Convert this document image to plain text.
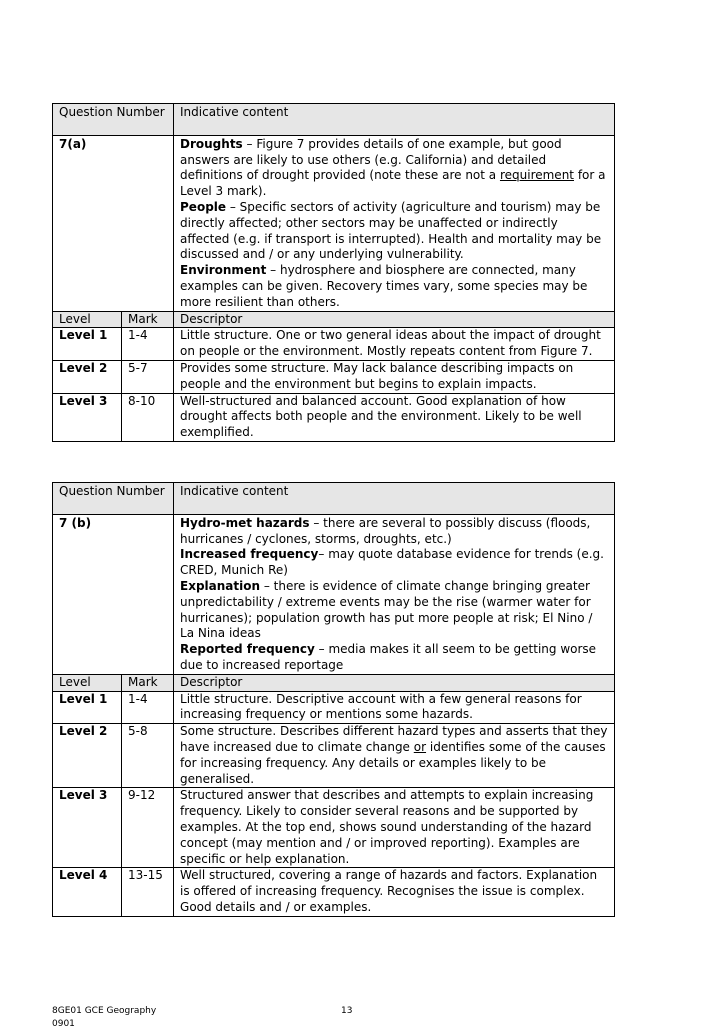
Question Number		Indicative content
7(a)		Droughts – Figure 7 provides details of one example, but good answers are likely to use others (e.g. California) and detailed definitions of drought provided (note these are not a requirement for a Level 3 mark).
People – Specific sectors of activity (agriculture and tourism) may be directly affected; other sectors may be unaffected or indirectly affected (e.g. if transport is interrupted). Health and mortality may be discussed and / or any underlying vulnerability.
Environment – hydrosphere and biosphere are connected, many examples can be given. Recovery times vary, some species may be more resilient than others.

Level	Mark	Descriptor
Level 1	1-4	Little structure. One or two general ideas about the impact of drought on people or the environment. Mostly repeats content from Figure 7.
Level 2	5-7	Provides some structure. May lack balance describing impacts on people and the environment but begins to explain impacts.
Level 3	8-10	Well-structured and balanced account. Good explanation of how drought affects both people and the environment. Likely to be well exemplified.
Question Number		Indicative content
7 (b)		Hydro-met hazards – there are several to possibly discuss (floods, hurricanes / cyclones, storms, droughts, etc.)
Increased frequency– may quote database evidence for trends (e.g. CRED, Munich Re)
Explanation – there is evidence of climate change bringing greater unpredictability / extreme events may be the rise (warmer water for hurricanes); population growth has put more people at risk; El Nino / La Nina ideas
Reported frequency – media makes it all seem to be getting worse due to increased reportage

Level	Mark	Descriptor
Level 1	1-4	Little structure. Descriptive account with a few general reasons for increasing frequency or mentions some hazards.
Level 2	5-8	Some structure. Describes different hazard types and asserts that they have increased due to climate change or identifies some of the causes for increasing frequency. Any details or examples likely to be generalised.
Level 3	9-12	Structured answer that describes and attempts to explain increasing frequency. Likely to consider several reasons and be supported by examples. At the top end, shows sound understanding of the hazard concept (may mention and / or improved reporting). Examples are specific or help explanation.
Level 4	13-15	Well structured, covering a range of hazards and factors. Explanation is offered of increasing frequency. Recognises the issue is complex. Good details and / or examples.
8GE01 GCE Geography
0901
13
